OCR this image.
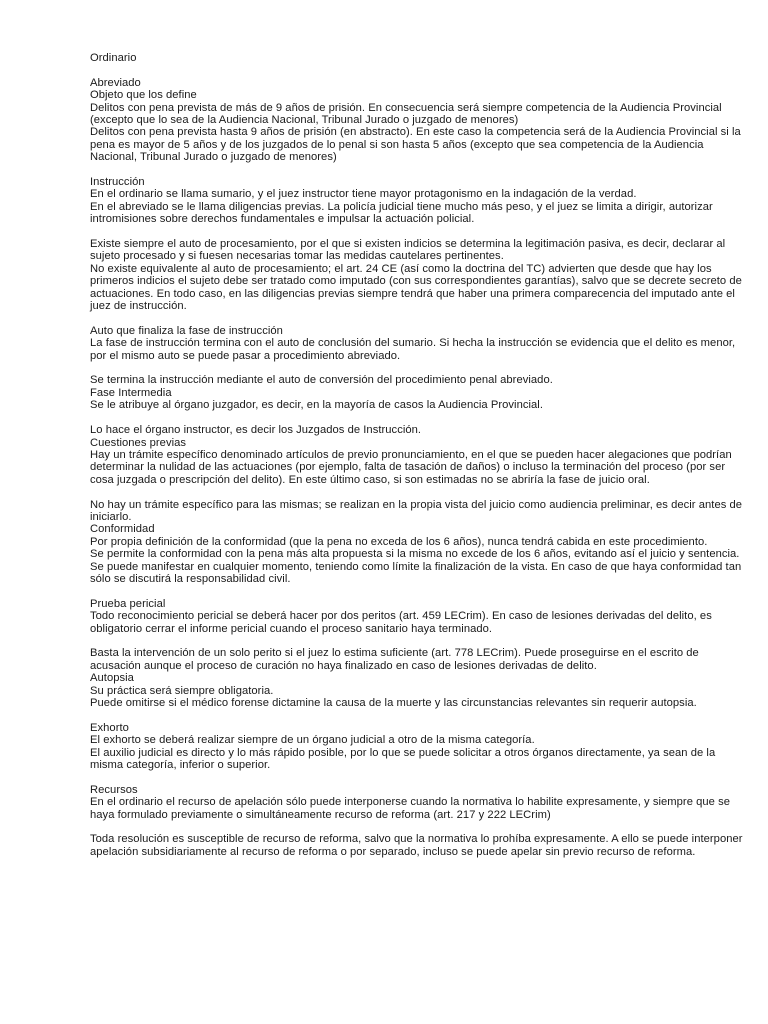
Ordinario
Abreviado
Objeto que los define
Delitos con pena prevista de más de 9 años de prisión. En consecuencia será siempre competencia de la Audiencia Provincial
(excepto que lo sea de la Audiencia Nacional, Tribunal Jurado o juzgado de menores)
Delitos con pena prevista hasta 9 años de prisión (en abstracto). En este caso la competencia será de la Audiencia Provincial si la
pena es mayor de 5 años y de los juzgados de lo penal si son hasta 5 años (excepto que sea competencia de la Audiencia
Nacional, Tribunal Jurado o juzgado de menores)
Instrucción
En el ordinario se llama sumario, y el juez instructor tiene mayor protagonismo en la indagación de la verdad.
En el abreviado se le llama diligencias previas. La policía judicial tiene mucho más peso, y el juez se limita a dirigir, autorizar
intromisiones sobre derechos fundamentales e impulsar la actuación policial.
Existe siempre el auto de procesamiento, por el que si existen indicios se determina la legitimación pasiva, es decir, declarar al
sujeto procesado y si fuesen necesarias tomar las medidas cautelares pertinentes.
No existe equivalente al auto de procesamiento; el art. 24 CE (así como la doctrina del TC) advierten que desde que hay los
primeros indicios el sujeto debe ser tratado como imputado (con sus correspondientes garantías), salvo que se decrete secreto de
actuaciones. En todo caso, en las diligencias previas siempre tendrá que haber una primera comparecencia del imputado ante el
juez de instrucción.
Auto que finaliza la fase de instrucción
La fase de instrucción termina con el auto de conclusión del sumario. Si hecha la instrucción se evidencia que el delito es menor,
por el mismo auto se puede pasar a procedimiento abreviado.
Se termina la instrucción mediante el auto de conversión del procedimiento penal abreviado.
Fase Intermedia
Se le atribuye al órgano juzgador, es decir, en la mayoría de casos la Audiencia Provincial.
Lo hace el órgano instructor, es decir los Juzgados de Instrucción.
Cuestiones previas
Hay un trámite específico denominado artículos de previo pronunciamiento, en el que se pueden hacer alegaciones que podrían
determinar la nulidad de las actuaciones (por ejemplo, falta de tasación de daños) o incluso la terminación del proceso (por ser
cosa juzgada o prescripción del delito). En este último caso, si son estimadas no se abriría la fase de juicio oral.
No hay un trámite específico para las mismas; se realizan en la propia vista del juicio como audiencia preliminar, es decir antes de
iniciarlo.
Conformidad
Por propia definición de la conformidad (que la pena no exceda de los 6 años), nunca tendrá cabida en este procedimiento.
Se permite la conformidad con la pena más alta propuesta si la misma no excede de los 6 años, evitando así el juicio y sentencia.
Se puede manifestar en cualquier momento, teniendo como límite la finalización de la vista. En caso de que haya conformidad tan
sólo se discutirá la responsabilidad civil.
Prueba pericial
Todo reconocimiento pericial se deberá hacer por dos peritos (art. 459 LECrim). En caso de lesiones derivadas del delito, es
obligatorio cerrar el informe pericial cuando el proceso sanitario haya terminado.
Basta la intervención de un solo perito si el juez lo estima suficiente (art. 778 LECrim). Puede proseguirse en el escrito de
acusación aunque el proceso de curación no haya finalizado en caso de lesiones derivadas de delito.
Autopsia
Su práctica será siempre obligatoria.
Puede omitirse si el médico forense dictamine la causa de la muerte y las circunstancias relevantes sin requerir autopsia.
Exhorto
El exhorto se deberá realizar siempre de un órgano judicial a otro de la misma categoría.
El auxilio judicial es directo y lo más rápido posible, por lo que se puede solicitar a otros órganos directamente, ya sean de la
misma categoría, inferior o superior.
Recursos
En el ordinario el recurso de apelación sólo puede interponerse cuando la normativa lo habilite expresamente, y siempre que se
haya formulado previamente o simultáneamente recurso de reforma (art. 217 y 222 LECrim)
Toda resolución es susceptible de recurso de reforma, salvo que la normativa lo prohíba expresamente. A ello se puede interponer
apelación subsidiariamente al recurso de reforma o por separado, incluso se puede apelar sin previo recurso de reforma.
